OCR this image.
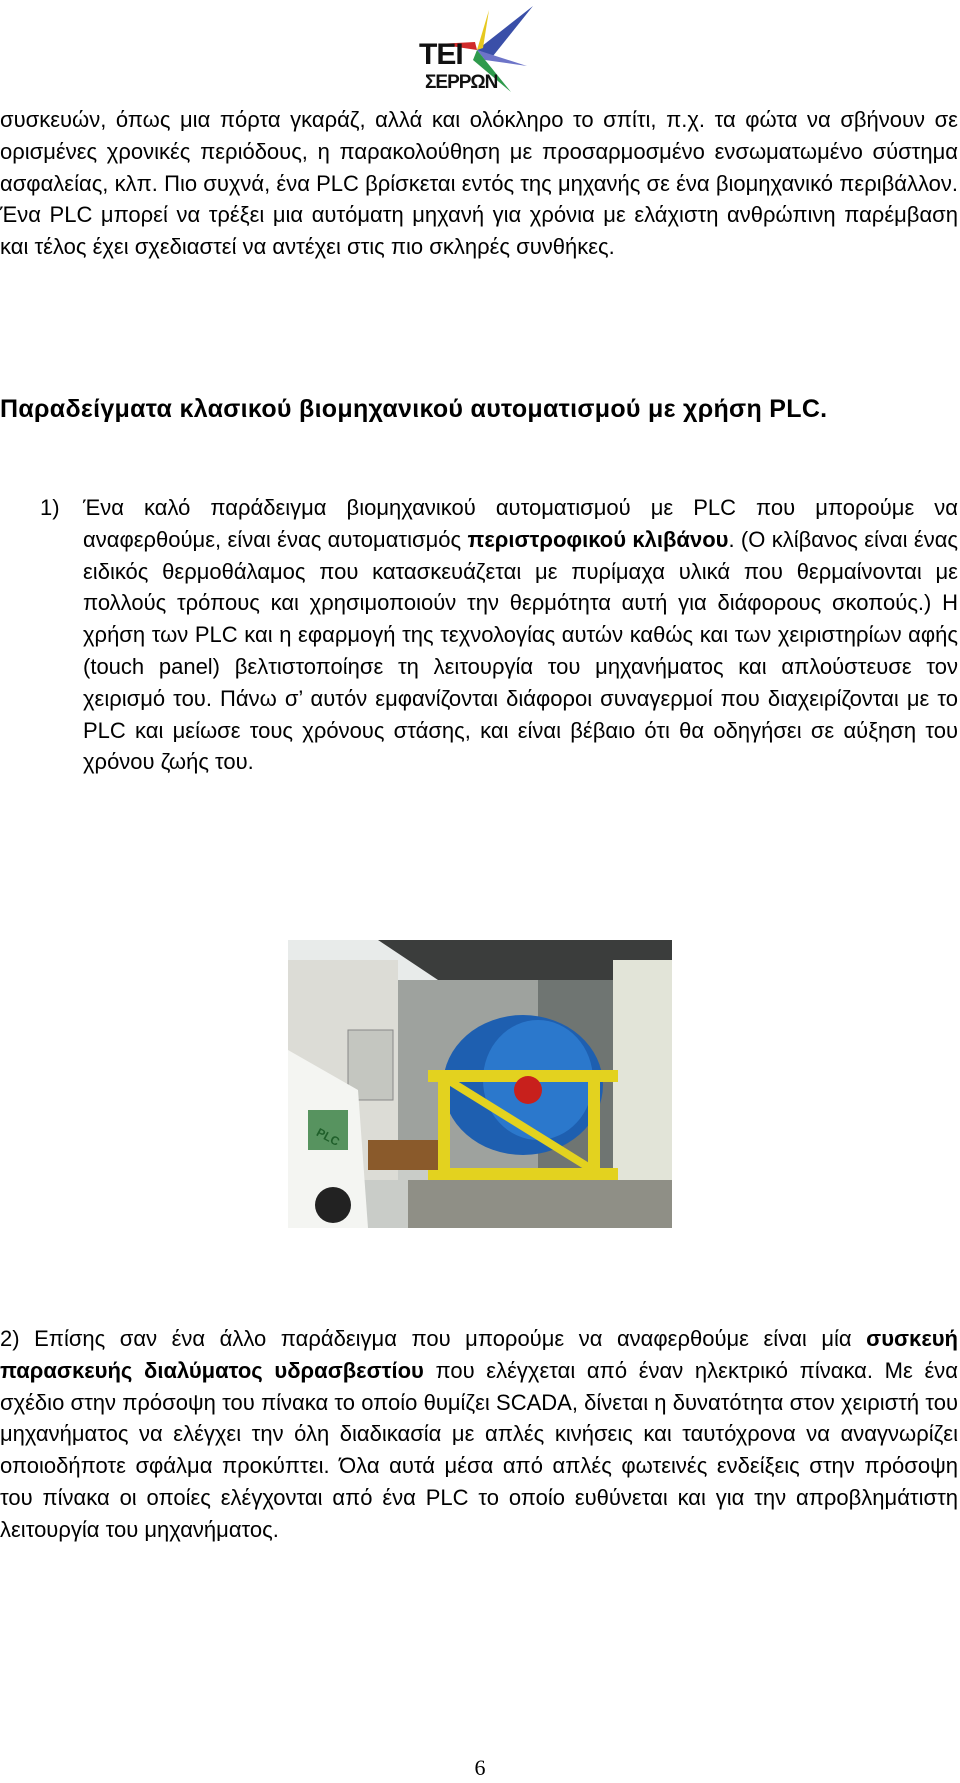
ΤΕΙ
ΣΕΡΡΩΝ

συσκευών, όπως μια πόρτα γκαράζ, αλλά και ολόκληρο το σπίτι, π.χ. τα φώτα να σβήνουν σε ορισμένες χρονικές περιόδους, η παρακολούθηση με προσαρμοσμένο ενσωματωμένο σύστημα ασφαλείας, κλπ. Πιο συχνά, ένα PLC βρίσκεται εντός της μηχανής σε ένα βιομηχανικό περιβάλλον. Ένα PLC μπορεί να τρέξει μια αυτόματη μηχανή για χρόνια με ελάχιστη ανθρώπινη παρέμβαση και τέλος έχει σχεδιαστεί να αντέχει στις πιο σκληρές συνθήκες.

Παραδείγματα κλασικού βιομηχανικού αυτοματισμού με χρήση PLC.

1) Ένα καλό παράδειγμα βιομηχανικού αυτοματισμού με PLC που μπορούμε να αναφερθούμε, είναι ένας αυτοματισμός περιστροφικού κλιβάνου. (Ο κλίβανος είναι ένας ειδικός θερμοθάλαμος που κατασκευάζεται με πυρίμαχα υλικά που θερμαίνονται με πολλούς τρόπους και χρησιμοποιούν την θερμότητα αυτή για διάφορους σκοπούς.) Η χρήση των PLC και η εφαρμογή της τεχνολογίας αυτών καθώς και των χειριστηρίων αφής (touch panel) βελτιστοποίησε τη λειτουργία του μηχανήματος και απλούστευσε τον χειρισμό του. Πάνω σ’ αυτόν εμφανίζονται διάφοροι συναγερμοί που διαχειρίζονται με το PLC και μείωσε τους χρόνους στάσης, και είναι βέβαιο ότι θα οδηγήσει σε αύξηση του χρόνου ζωής του.
PLC

2) Επίσης σαν ένα άλλο παράδειγμα που μπορούμε να αναφερθούμε είναι μία συσκευή παρασκευής διαλύματος υδρασβεστίου που ελέγχεται από έναν ηλεκτρικό πίνακα. Με ένα σχέδιο στην πρόσοψη του πίνακα το οποίο θυμίζει SCADA, δίνεται η δυνατότητα στον χειριστή του μηχανήματος να ελέγχει την όλη διαδικασία με απλές κινήσεις και ταυτόχρονα να αναγνωρίζει οποιοδήποτε σφάλμα προκύπτει. Όλα αυτά μέσα από απλές φωτεινές ενδείξεις στην πρόσοψη του πίνακα οι οποίες ελέγχονται από ένα PLC το οποίο ευθύνεται και για την απροβλημάτιστη λειτουργία του μηχανήματος.

6
